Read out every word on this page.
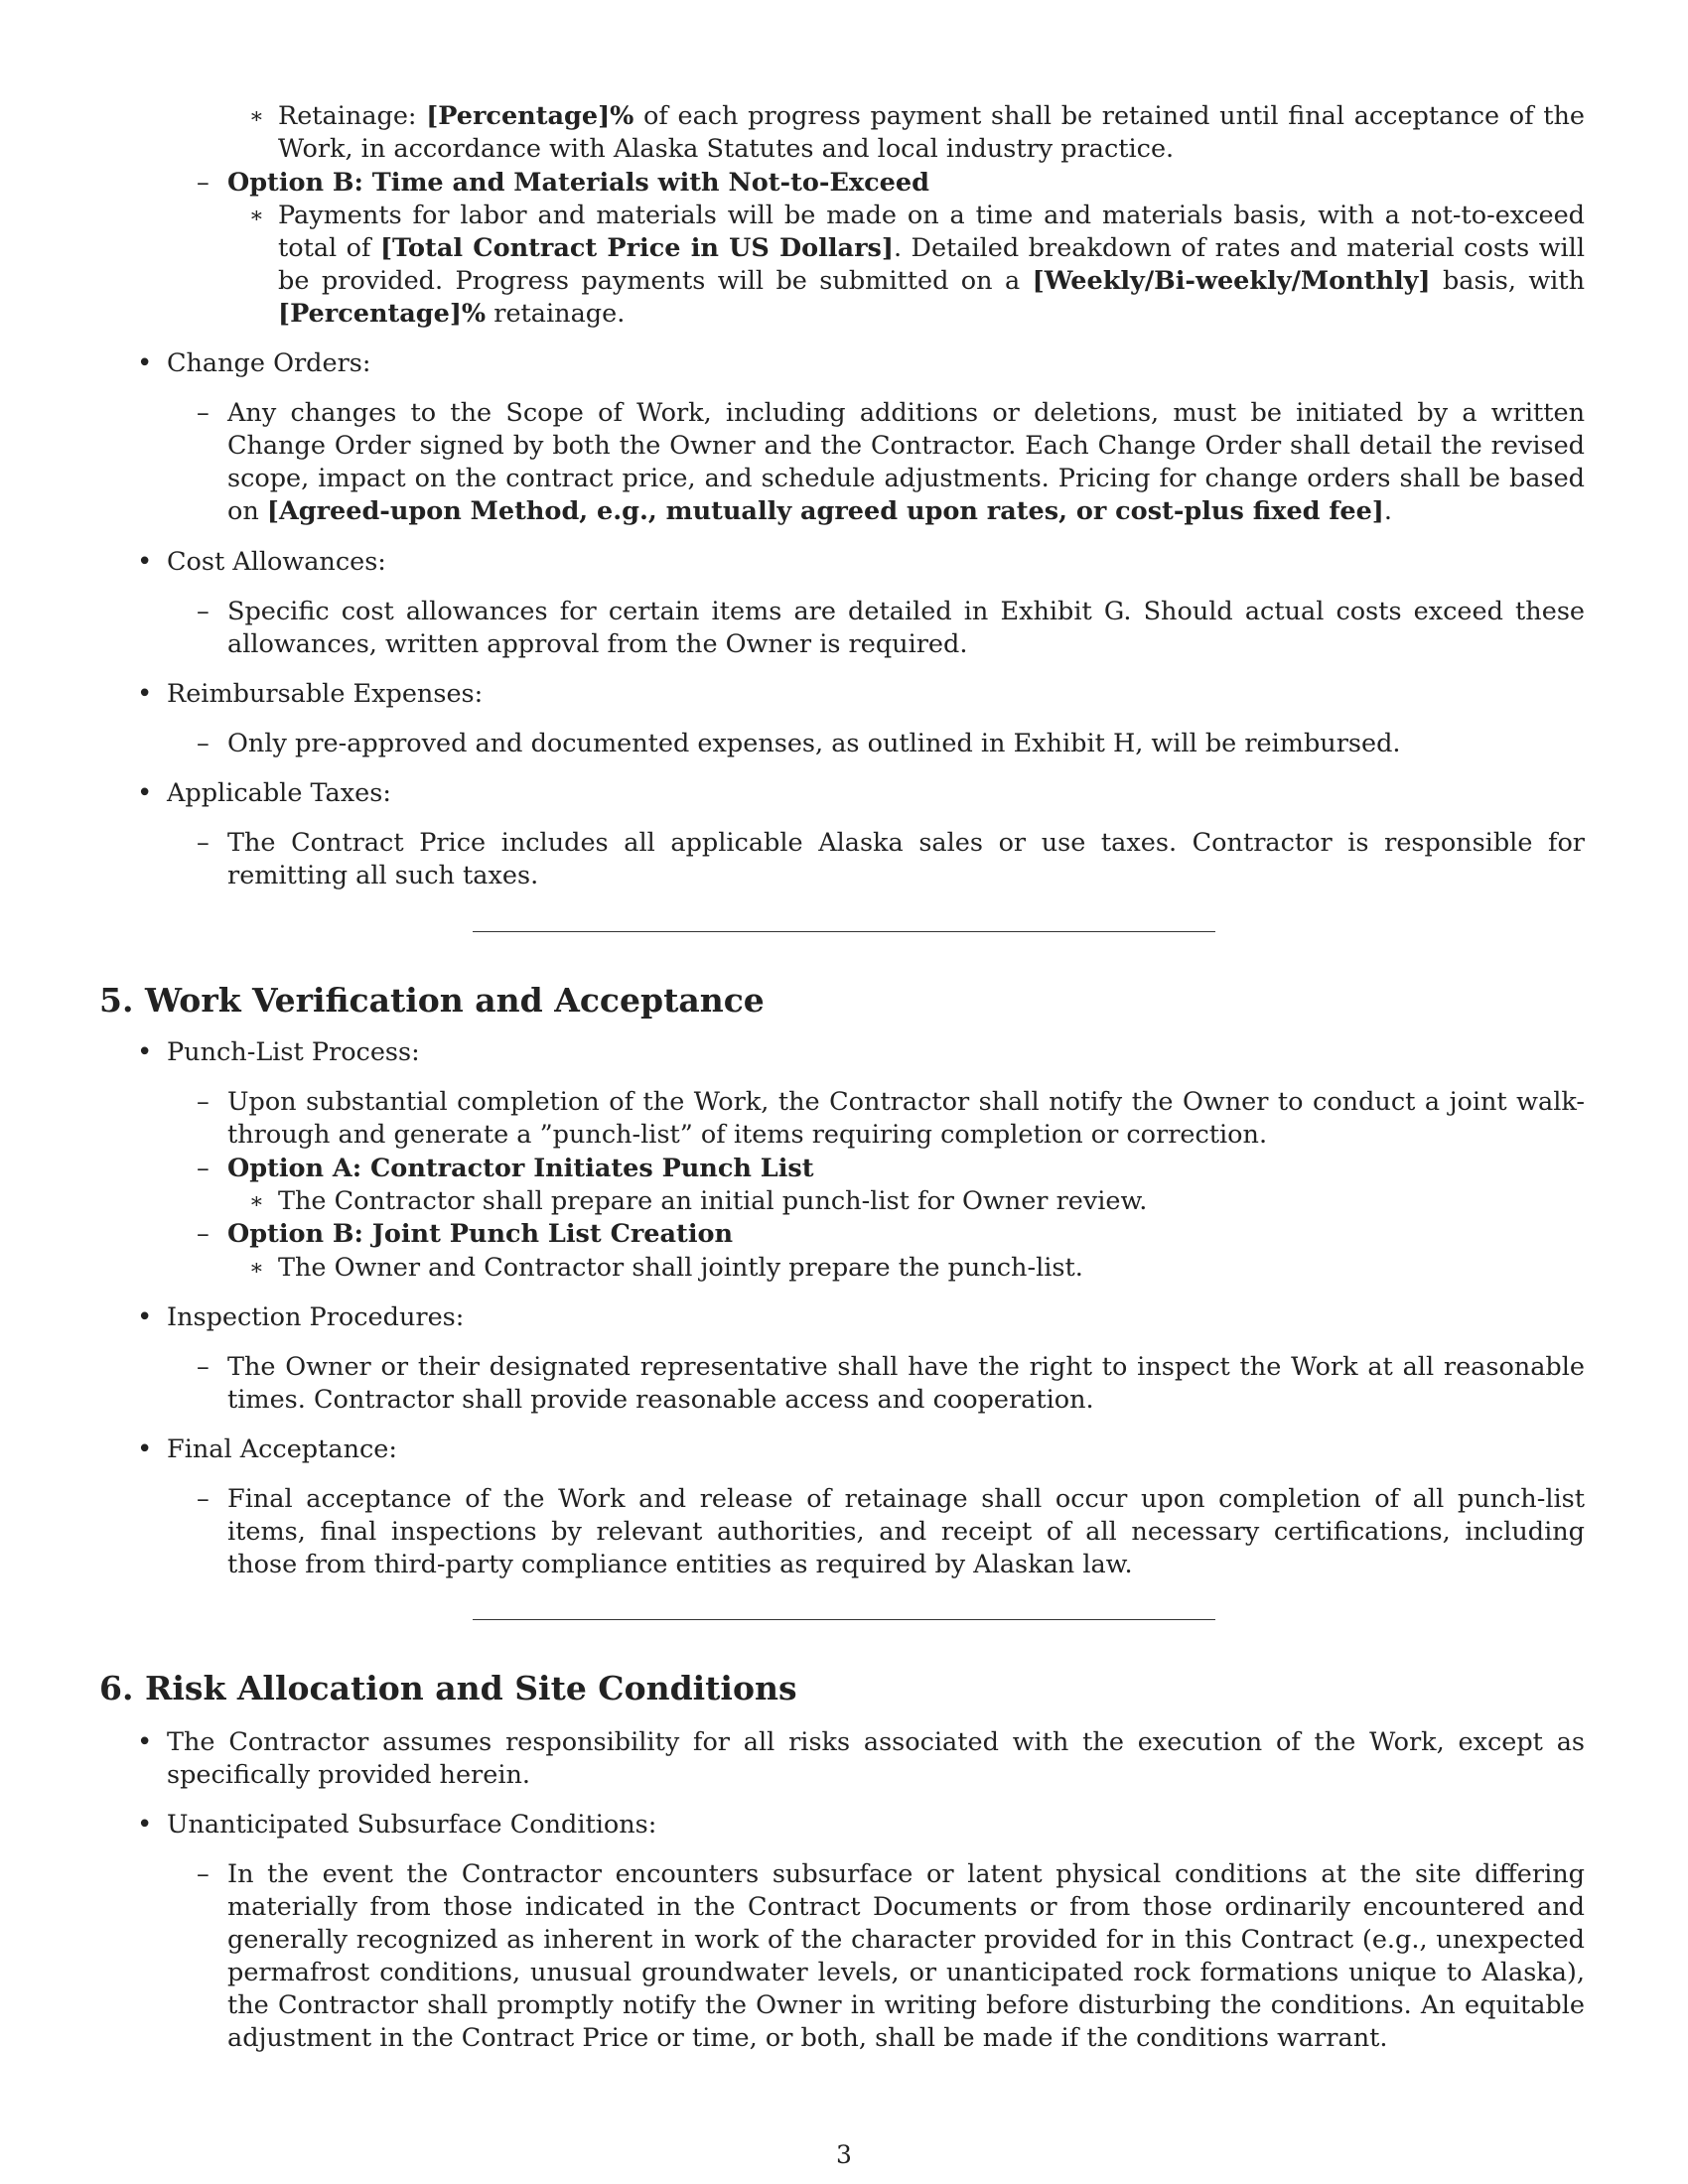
∗ Retainage: [Percentage]% of each progress payment shall be retained until final acceptance of the Work, in accordance with Alaska Statutes and local industry practice.
– Option B: Time and Materials with Not-to-Exceed
∗ Payments for labor and materials will be made on a time and materials basis, with a not-to-exceed total of [Total Contract Price in US Dollars]. Detailed breakdown of rates and material costs will be provided. Progress payments will be submitted on a [Weekly/Bi-weekly/Monthly] basis, with [Percentage]% retainage.
• Change Orders:
– Any changes to the Scope of Work, including additions or deletions, must be initiated by a written Change Order signed by both the Owner and the Contractor. Each Change Order shall detail the revised scope, impact on the contract price, and schedule adjustments. Pricing for change orders shall be based on [Agreed-upon Method, e.g., mutually agreed upon rates, or cost-plus fixed fee].
• Cost Allowances:
– Specific cost allowances for certain items are detailed in Exhibit G. Should actual costs exceed these allowances, written approval from the Owner is required.
• Reimbursable Expenses:
– Only pre-approved and documented expenses, as outlined in Exhibit H, will be reimbursed.
• Applicable Taxes:
– The Contract Price includes all applicable Alaska sales or use taxes. Contractor is responsible for remitting all such taxes.
5. Work Verification and Acceptance
• Punch-List Process:
– Upon substantial completion of the Work, the Contractor shall notify the Owner to conduct a joint walk-through and generate a ”punch-list” of items requiring completion or correction.
– Option A: Contractor Initiates Punch List
∗ The Contractor shall prepare an initial punch-list for Owner review.
– Option B: Joint Punch List Creation
∗ The Owner and Contractor shall jointly prepare the punch-list.
• Inspection Procedures:
– The Owner or their designated representative shall have the right to inspect the Work at all reasonable times. Contractor shall provide reasonable access and cooperation.
• Final Acceptance:
– Final acceptance of the Work and release of retainage shall occur upon completion of all punch-list items, final inspections by relevant authorities, and receipt of all necessary certifications, including those from third-party compliance entities as required by Alaskan law.
6. Risk Allocation and Site Conditions
• The Contractor assumes responsibility for all risks associated with the execution of the Work, except as specifically provided herein.
• Unanticipated Subsurface Conditions:
– In the event the Contractor encounters subsurface or latent physical conditions at the site differing materially from those indicated in the Contract Documents or from those ordinarily encountered and generally recognized as inherent in work of the character provided for in this Contract (e.g., unexpected permafrost conditions, unusual groundwater levels, or unanticipated rock formations unique to Alaska), the Contractor shall promptly notify the Owner in writing before disturbing the conditions. An equitable adjustment in the Contract Price or time, or both, shall be made if the conditions warrant.
3
